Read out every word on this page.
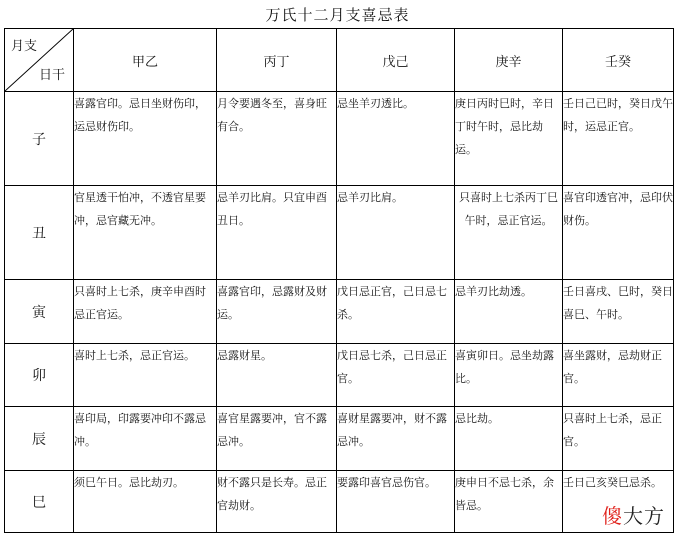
万氏十二月支喜忌表
月支
日干	甲乙	丙丁	戊己	庚辛	壬癸
子	喜露官印。忌日坐财伤印，运忌财伤印。	月令要遇冬至，喜身旺有合。	忌坐羊刃透比。	庚日丙时巳时，辛日丁时午时，忌比劫运。	壬日己已时，癸日戊午时，运忌正官。
丑	官星透干怕冲，不透官星要冲，忌官藏无冲。	忌羊刃比肩。只宜申酉丑日。	忌羊刃比肩。	只喜时上七杀丙丁巳午时，忌正官运。	喜官印透官冲，忌印伏财伤。
寅	只喜时上七杀，庚辛申酉时忌正官运。	喜露官印，忌露财及财运。	戊日忌正官，己日忌七杀。	忌羊刃比劫透。	壬日喜戌、巳时，癸日喜巳、午时。
卯	喜时上七杀，忌正官运。	忌露财星。	戊日忌七杀，己日忌正官。	喜寅卯日。忌坐劫露比。	喜坐露财，忌劫财正官。
辰	喜印局，印露要冲印不露忌冲。	喜官星露要冲，官不露忌冲。	喜财星露要冲，财不露忌冲。	忌比劫。	只喜时上七杀，忌正官。
巳	须巳午日。忌比劫刃。	财不露只是长寿。忌正官劫财。	要露印喜官忌伤官。	庚申日不忌七杀，余皆忌。	壬日己亥癸巳忌杀。
傻大方
